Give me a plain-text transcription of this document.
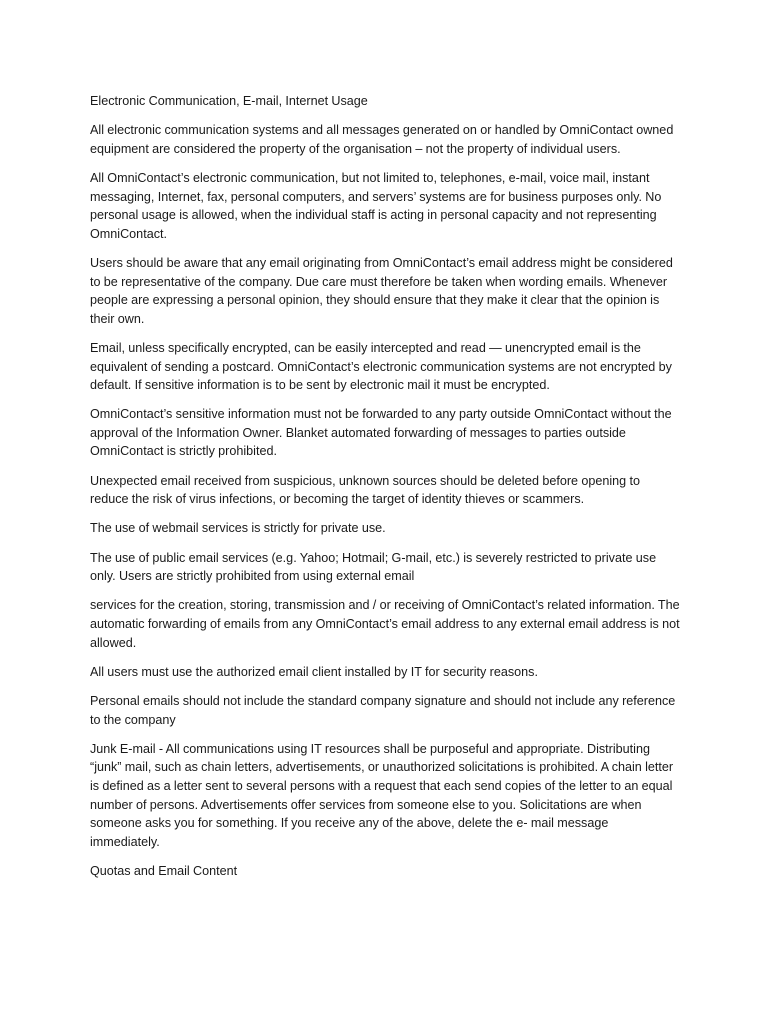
Electronic Communication, E-mail, Internet Usage

All electronic communication systems and all messages generated on or handled by OmniContact owned equipment are considered the property of the organisation – not the property of individual users.

All OmniContact’s electronic communication, but not limited to, telephones, e-mail, voice mail, instant messaging, Internet, fax, personal computers, and servers’ systems are for business purposes only. No personal usage is allowed, when the individual staff is acting in personal capacity and not representing OmniContact.

Users should be aware that any email originating from OmniContact’s email address might be considered to be representative of the company. Due care must therefore be taken when wording emails. Whenever people are expressing a personal opinion, they should ensure that they make it clear that the opinion is their own.

Email, unless specifically encrypted, can be easily intercepted and read — unencrypted email is the equivalent of sending a postcard. OmniContact’s electronic communication systems are not encrypted by default. If sensitive information is to be sent by electronic mail it must be encrypted.

OmniContact’s sensitive information must not be forwarded to any party outside OmniContact without the approval of the Information Owner. Blanket automated forwarding of messages to parties outside OmniContact is strictly prohibited.

Unexpected email received from suspicious, unknown sources should be deleted before opening to reduce the risk of virus infections, or becoming the target of identity thieves or scammers.

The use of webmail services is strictly for private use.

The use of public email services (e.g. Yahoo; Hotmail; G-mail, etc.) is severely restricted to private use only. Users are strictly prohibited from using external email

services for the creation, storing, transmission and / or receiving of OmniContact’s related information. The automatic forwarding of emails from any OmniContact’s email address to any external email address is not allowed.

All users must use the authorized email client installed by IT for security reasons.

Personal emails should not include the standard company signature and should not include any reference to the company

Junk E-mail - All communications using IT resources shall be purposeful and appropriate. Distributing “junk” mail, such as chain letters, advertisements, or unauthorized solicitations is prohibited. A chain letter is defined as a letter sent to several persons with a request that each send copies of the letter to an equal number of persons. Advertisements offer services from someone else to you. Solicitations are when someone asks you for something. If you receive any of the above, delete the e- mail message immediately.

Quotas and Email Content
